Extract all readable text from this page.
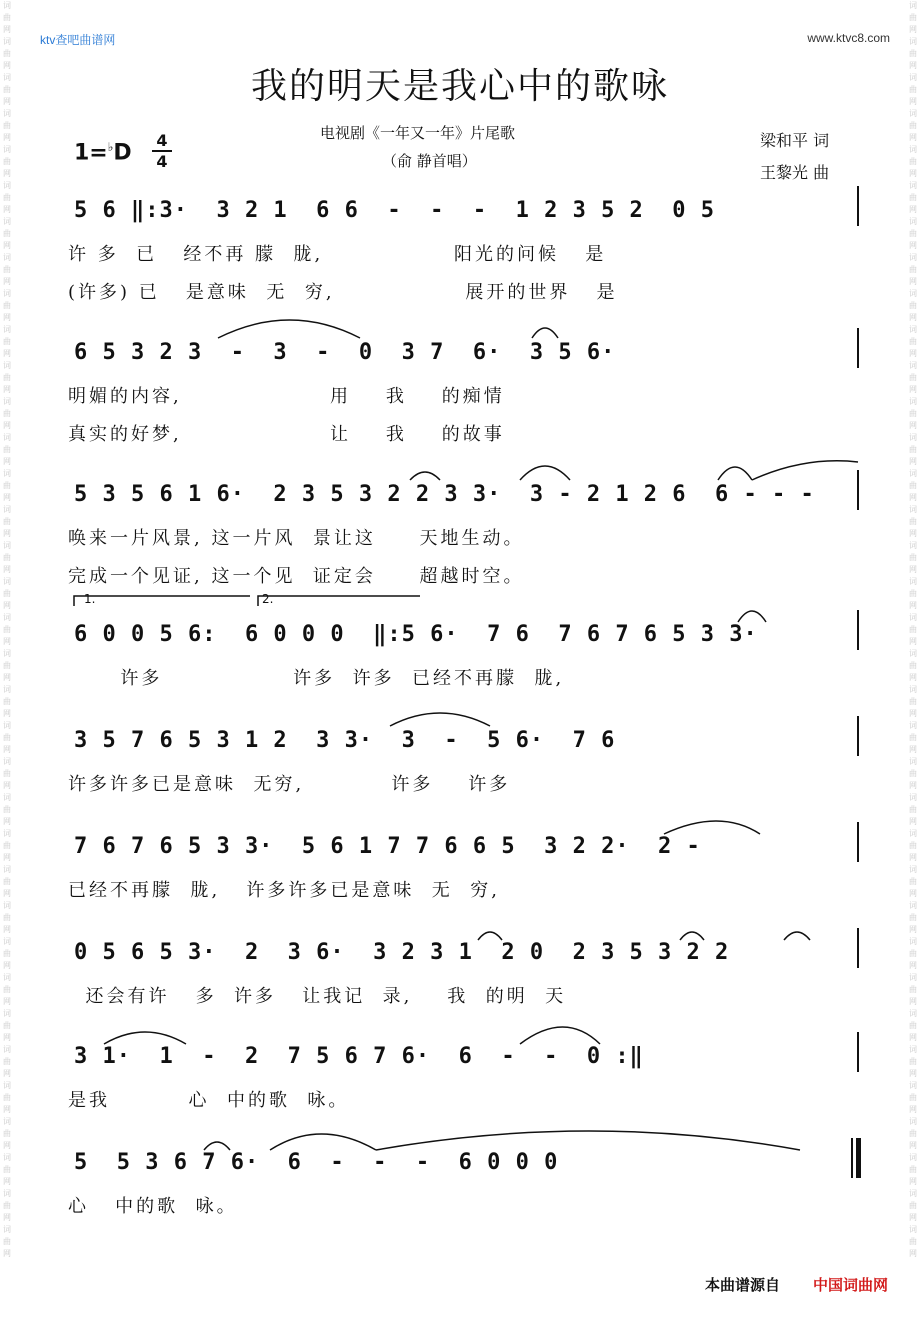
词曲网词曲网词曲网词曲网词曲网词曲网词曲网词曲网词曲网词曲网词曲网词曲网词曲网词曲网词曲网词曲网词曲网词曲网词曲网词曲网词曲网词曲网词曲网词曲网词曲网词曲网词曲网词曲网词曲网词曲网词曲网词曲网词曲网词曲网词曲网
词曲网词曲网词曲网词曲网词曲网词曲网词曲网词曲网词曲网词曲网词曲网词曲网词曲网词曲网词曲网词曲网词曲网词曲网词曲网词曲网词曲网词曲网词曲网词曲网词曲网词曲网词曲网词曲网词曲网词曲网词曲网词曲网词曲网词曲网词曲网
ktv查吧曲谱网	www.ktvc8.com
我的明天是我心中的歌咏
电视剧《一年又一年》片尾歌
（俞 静首唱）
梁和平 词
王黎光 曲
1=♭D 4
4
5 6 ‖:3·  3 2 1  6 6  -  -  -  1 2 3 5 2  0 5
许 多  已   经不再 朦  胧,               阳光的问候   是
(许多) 已   是意味  无  穷,               展开的世界   是
6 5 3 2 3  -  3  -  0  3 7  6·  3 5 6·
明媚的内容,                 用    我    的痴情
真实的好梦,                 让    我    的故事
5 3 5 6 1 6·  2 3 5 3 2 2 3 3·  3 - 2 1 2 6  6 - - -
唤来一片风景, 这一片风  景让这     天地生动。
完成一个见证, 这一个见  证定会     超越时空。
1.	2.
6 0 0 5 6:  6 0 0 0  ‖:5 6·  7 6  7 6 7 6 5 3 3·
许多               许多  许多  已经不再朦  胧,
3 5 7 6 5 3 1 2  3 3·  3  -  5 6·  7 6
许多许多已是意味  无穷,          许多    许多
7 6 7 6 5 3 3·  5 6 1 7 7 6 6 5  3 2 2·  2 -
已经不再朦  胧,   许多许多已是意味  无  穷,
0 5 6 5 3·  2  3 6·  3 2 3 1  2 0  2 3 5 3 2 2
还会有许   多  许多   让我记  录,    我  的明  天
3 1·  1  -  2  7 5 6 7 6·  6  -  -  0 :‖
是我         心  中的歌  咏。
5  5 3 6 7 6·  6  -  -  -  6 0 0 0
心   中的歌  咏。
本曲谱源自 中国词曲网
